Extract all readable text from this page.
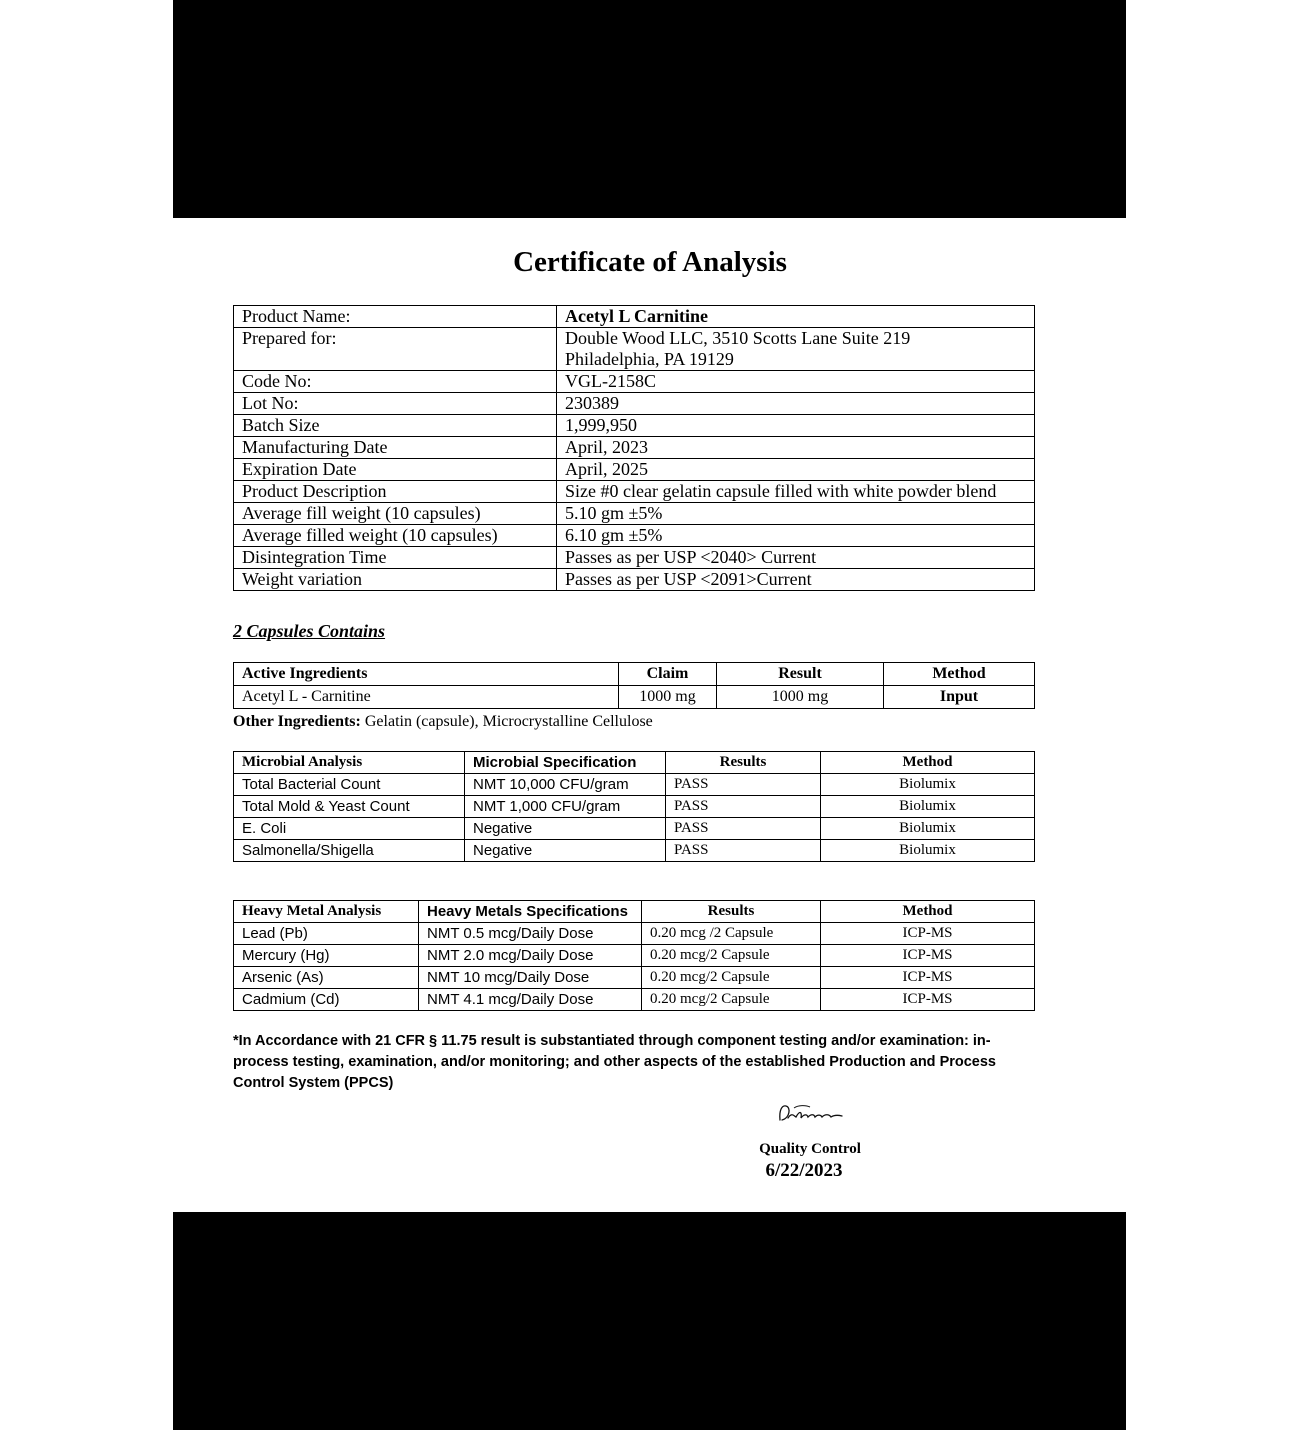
Certificate of Analysis
Product Name:	Acetyl L Carnitine
Prepared for:	Double Wood LLC, 3510 Scotts Lane Suite 219
Philadelphia, PA 19129

Code No:	VGL-2158C
Lot No:	230389
Batch Size	1,999,950
Manufacturing Date	April, 2023
Expiration Date	April, 2025
Product Description	Size #0 clear gelatin capsule filled with white powder blend
Average fill weight (10 capsules)	5.10 gm ±5%
Average filled weight (10 capsules)	6.10 gm ±5%
Disintegration Time	Passes as per USP <2040> Current
Weight variation	Passes as per USP <2091>Current
2 Capsules Contains
Active Ingredients	Claim	Result	Method
Acetyl L - Carnitine	1000 mg	1000 mg	Input
Other Ingredients: Gelatin (capsule), Microcrystalline Cellulose
Microbial Analysis	Microbial Specification	Results	Method
Total Bacterial Count	NMT 10,000 CFU/gram	PASS	Biolumix
Total Mold & Yeast Count	NMT 1,000 CFU/gram	PASS	Biolumix
E. Coli	Negative	PASS	Biolumix
Salmonella/Shigella	Negative	PASS	Biolumix
Heavy Metal Analysis	Heavy Metals Specifications	Results	Method
Lead (Pb)	NMT 0.5 mcg/Daily Dose	0.20 mcg /2 Capsule	ICP-MS
Mercury (Hg)	NMT 2.0 mcg/Daily Dose	0.20 mcg/2 Capsule	ICP-MS
Arsenic (As)	NMT 10 mcg/Daily Dose	0.20 mcg/2 Capsule	ICP-MS
Cadmium (Cd)	NMT 4.1 mcg/Daily Dose	0.20 mcg/2 Capsule	ICP-MS
*In Accordance with 21 CFR § 11.75 result is substantiated through component testing and/or examination: in-process testing, examination, and/or monitoring; and other aspects of the established Production and Process Control System (PPCS)
Quality Control
6/22/2023
